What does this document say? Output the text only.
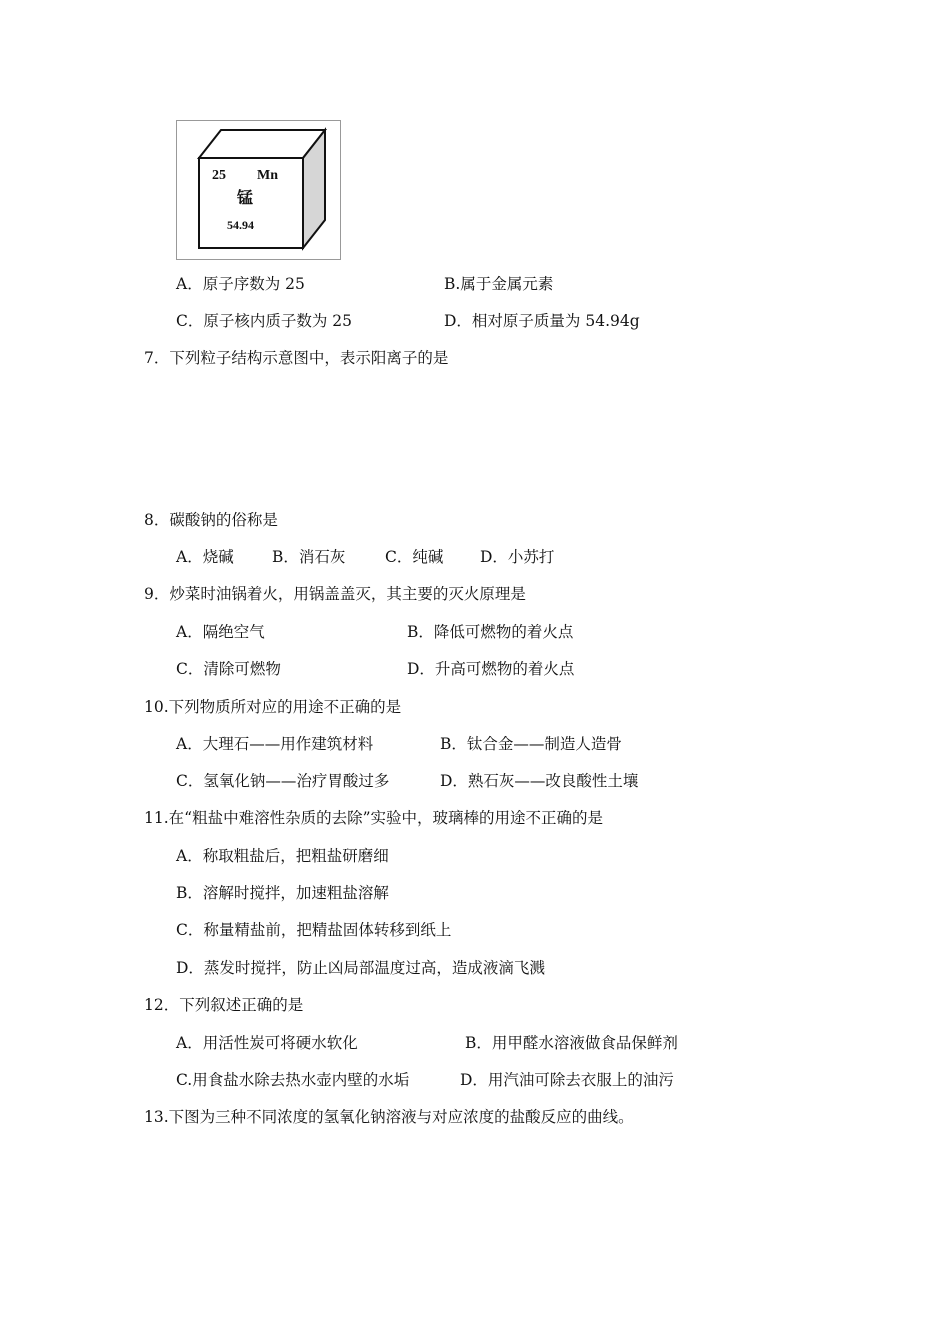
25 Mn
锰
54.94
A．原子序数为 25	B.属于金属元素
C．原子核内质子数为 25	D．相对原子质量为 54.94g
7．下列粒子结构示意图中，表示阳离子的是
8．碳酸钠的俗称是
A．烧碱 B．消石灰	C．纯碱 D．小苏打
9．炒菜时油锅着火，用锅盖盖灭，其主要的灭火原理是
A．隔绝空气	B．降低可燃物的着火点
C．清除可燃物	D．升高可燃物的着火点
10.下列物质所对应的用途不正确的是
A．大理石——用作建筑材料	B．钛合金——制造人造骨
C．氢氧化钠——治疗胃酸过多	D．熟石灰——改良酸性土壤
11.在“粗盐中难溶性杂质的去除”实验中，玻璃棒的用途不正确的是
A．称取粗盐后，把粗盐研磨细
B．溶解时搅拌，加速粗盐溶解
C．称量精盐前，把精盐固体转移到纸上
D．蒸发时搅拌，防止凶局部温度过高，造成液滴飞溅
12．下列叙述正确的是
A．用活性炭可将硬水软化	B．用甲醛水溶液做食品保鲜剂
C.用食盐水除去热水壶内壁的水垢	D．用汽油可除去衣服上的油污
13.下图为三种不同浓度的氢氧化钠溶液与对应浓度的盐酸反应的曲线。
